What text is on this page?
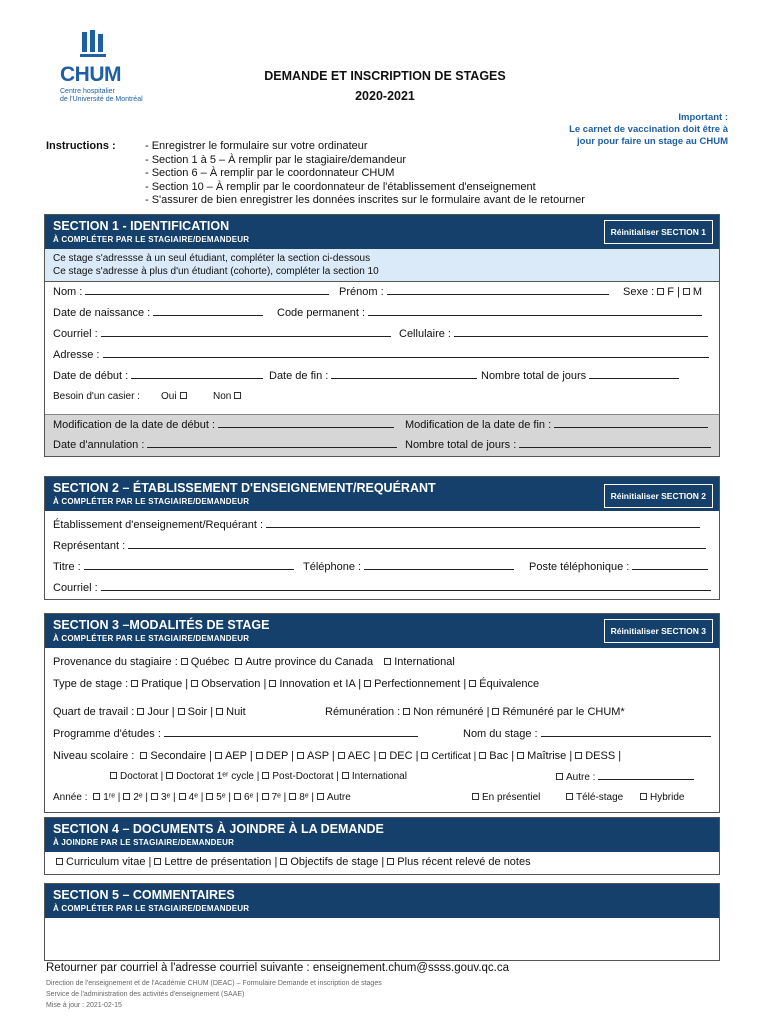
CHUM
Centre hospitalier
de l'Université de Montréal
DEMANDE ET INSCRIPTION DE STAGES
2020-2021
Important :
Le carnet de vaccination doit être à
jour pour faire un stage au CHUM
Instructions :	- Enregistrer le formulaire sur votre ordinateur
- Section 1 à 5 – À remplir par le stagiaire/demandeur
- Section 6 – À remplir par le coordonnateur CHUM
- Section 10 – À remplir par le coordonnateur de l'établissement d'enseignement
- S'assurer de bien enregistrer les données inscrites sur le formulaire avant de le retourner
SECTION 1 - IDENTIFICATION
À COMPLÉTER PAR LE STAGIAIRE/DEMANDEUR
Réinitialiser SECTION 1
Ce stage s'adressse à un seul étudiant, compléter la section ci-dessous
Ce stage s'adresse à plus d'un étudiant (cohorte), compléter la section 10
Nom :	Prénom :	Sexe : F | M
Date de naissance :	Code permanent :
Courriel :	Cellulaire :
Adresse :
Date de début :	Date de fin :	Nombre total de jours
Besoin d'un casier : Oui	Non
Modification de la date de début :	Modification de la date de fin :
Date d'annulation :	Nombre total de jours :
SECTION 2 – ÉTABLISSEMENT D'ENSEIGNEMENT/REQUÉRANT
À COMPLÉTER PAR LE STAGIAIRE/DEMANDEUR
Réinitialiser SECTION 2
Établissement d'enseignement/Requérant :
Représentant :
Titre :	Téléphone :	Poste téléphonique :
Courriel :
SECTION 3 –MODALITÉS DE STAGE
À COMPLÉTER PAR LE STAGIAIRE/DEMANDEUR
Réinitialiser SECTION 3
Provenance du stagiaire : Québec Autre province du Canada International
Type de stage : Pratique | Observation | Innovation et IA | Perfectionnement | Équivalence
Quart de travail : Jour | Soir | Nuit	Rémunération : Non rémunéré | Rémunéré par le CHUM*
Programme d'études :	Nom du stage :
Niveau scolaire : Secondaire | AEP | DEP | ASP | AEC | DEC | Certificat | Bac | Maîtrise | DESS |
Doctorat | Doctorat 1ᵉʳ cycle | Post-Doctorat | International	Autre :
Année : 1ʳᵉ | 2ᵉ | 3ᵉ | 4ᵉ | 5ᵉ | 6ᵉ | 7ᵉ | 8ᵉ | Autre	En présentiel	Télé-stage	Hybride
SECTION 4 – DOCUMENTS À JOINDRE À LA DEMANDE
À JOINDRE PAR LE STAGIAIRE/DEMANDEUR
Curriculum vitae | Lettre de présentation | Objectifs de stage | Plus récent relevé de notes
SECTION 5 – COMMENTAIRES
À COMPLÉTER PAR LE STAGIAIRE/DEMANDEUR
Retourner par courriel à l'adresse courriel suivante : enseignement.chum@ssss.gouv.qc.ca
Direction de l'enseignement et de l'Académie CHUM (DEAC) – Formulaire Demande et inscription de stages
Service de l'administration des activités d'enseignement (SAAE)
Mise à jour : 2021-02-15
